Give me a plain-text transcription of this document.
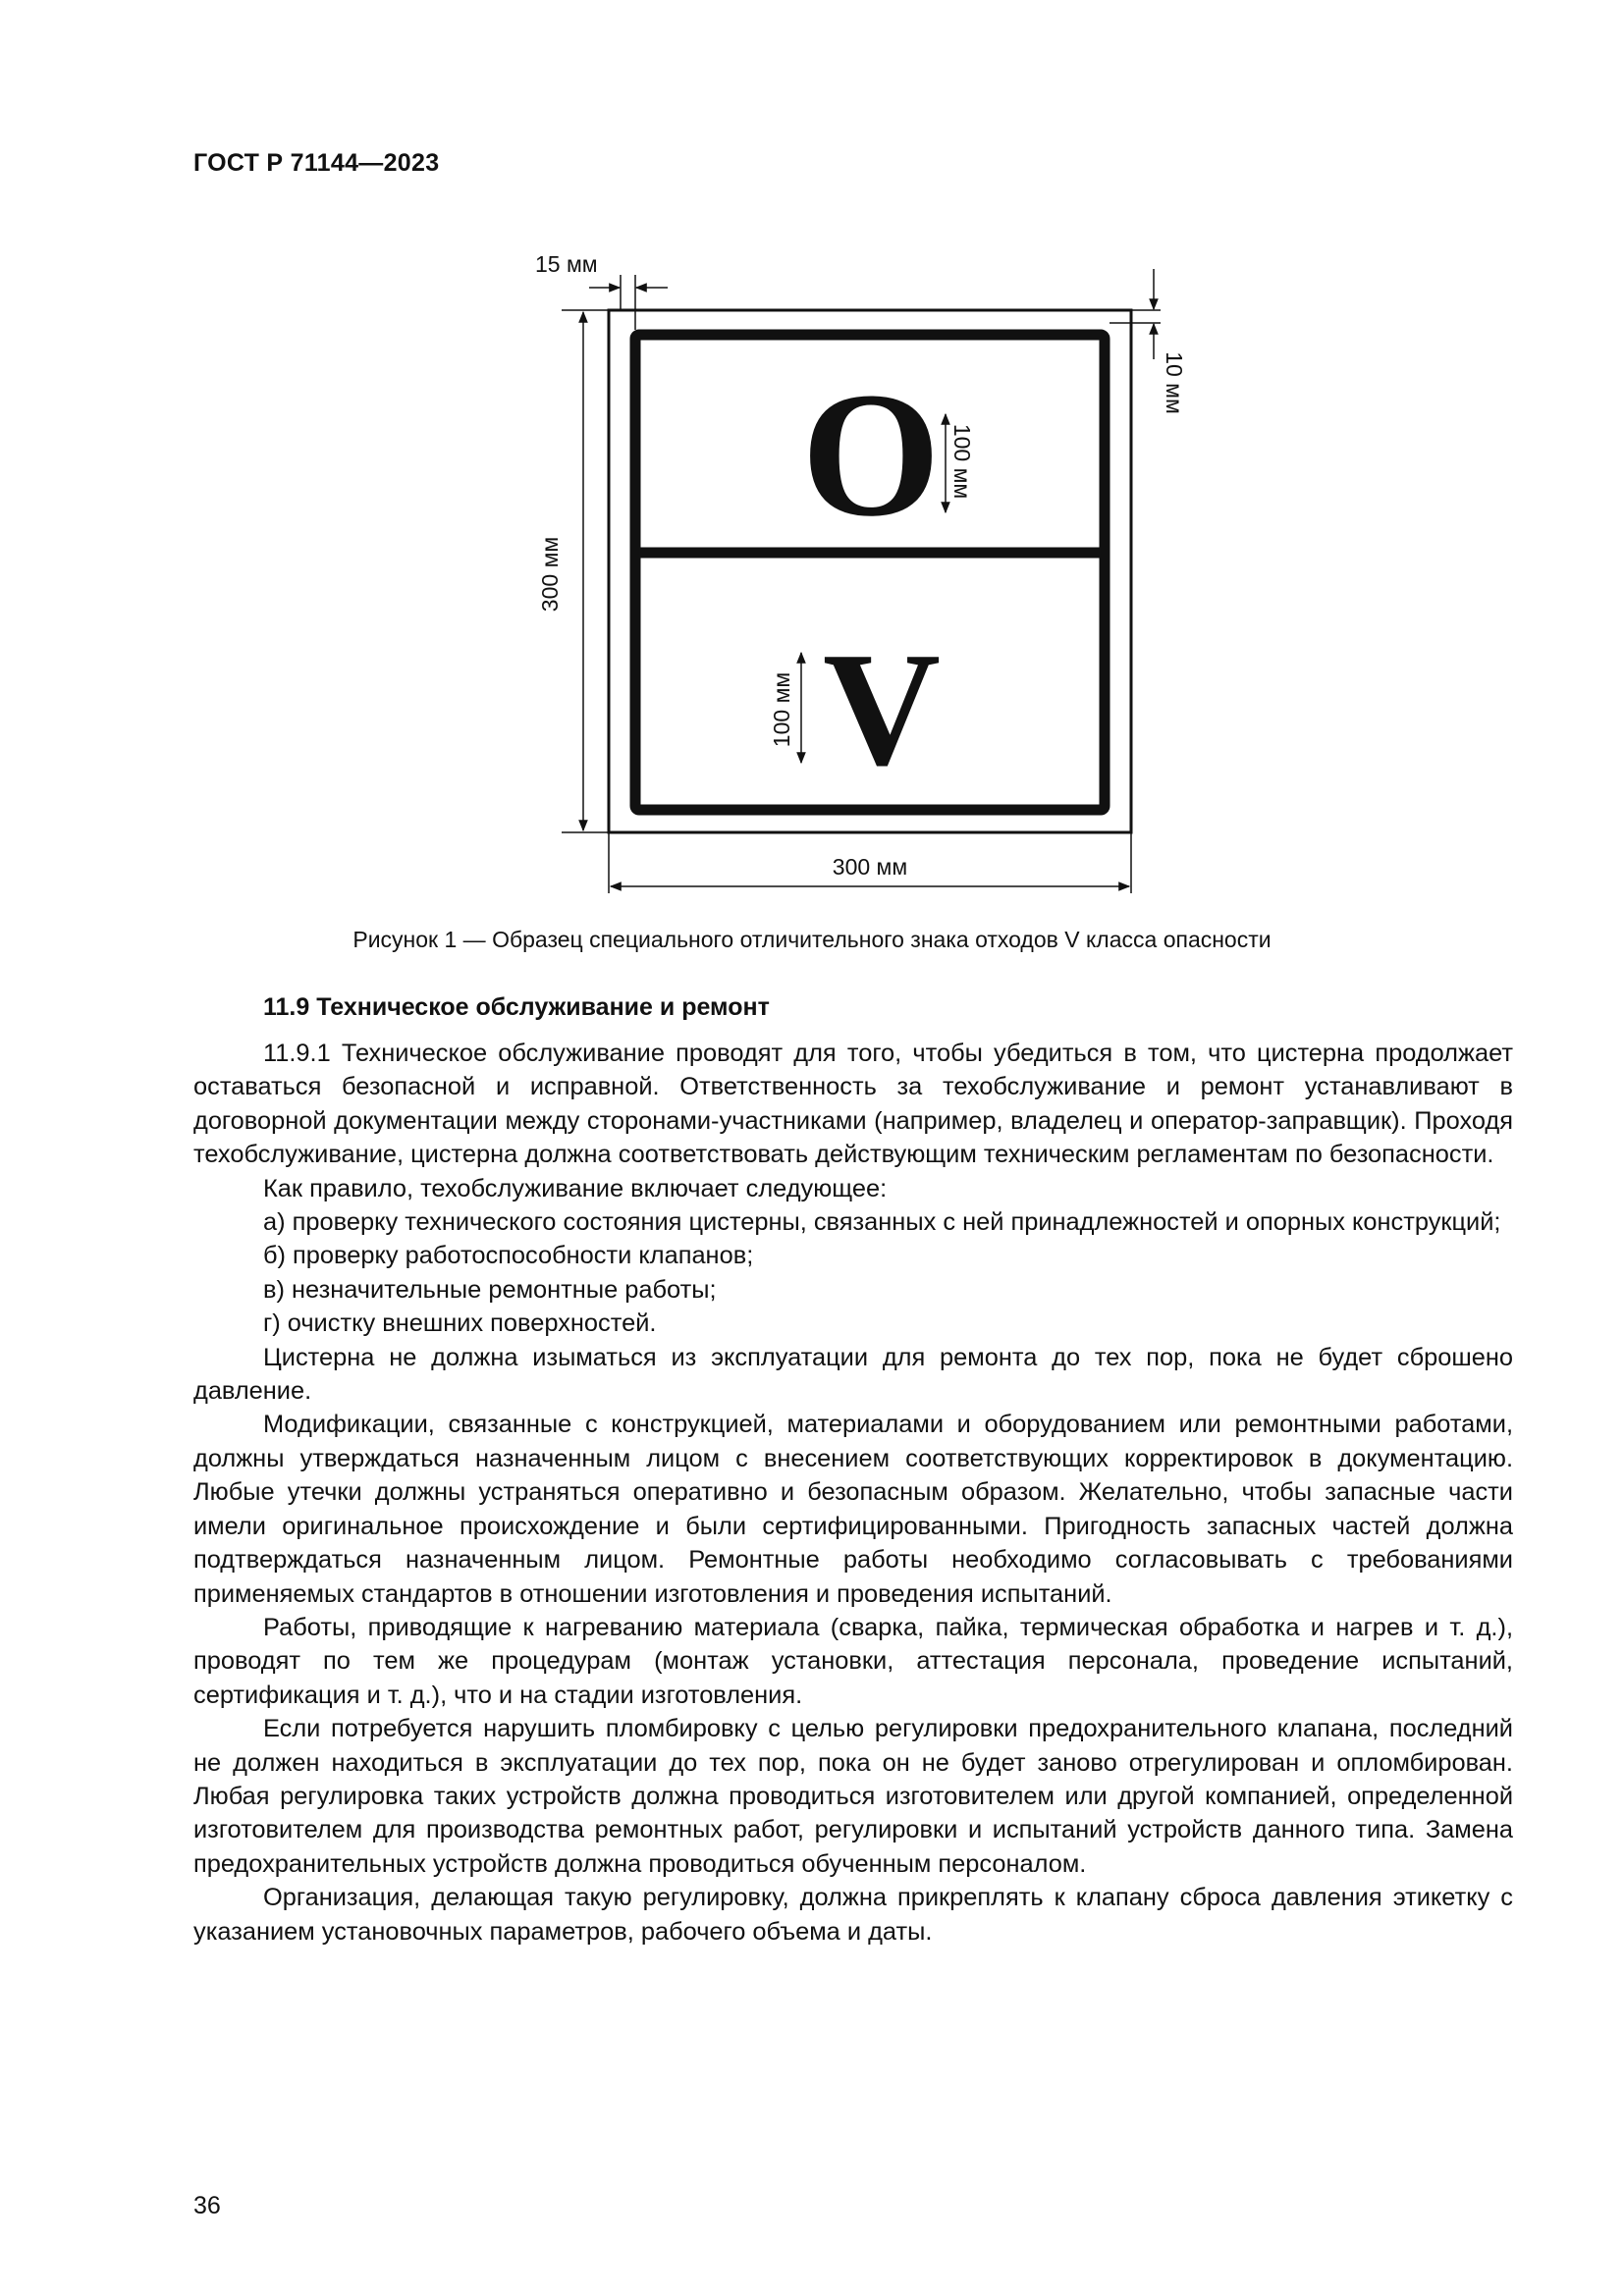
ГОСТ Р 71144—2023
O
V
100 мм
100 мм
15 мм
10 мм
300 мм
300 мм
Рисунок 1 — Образец специального отличительного знака отходов V класса опасности
11.9 Техническое обслуживание и ремонт

11.9.1 Техническое обслуживание проводят для того, чтобы убедиться в том, что цистерна продолжает оставаться безопасной и исправной. Ответственность за техобслуживание и ремонт устанавливают в договорной документации между сторонами-участниками (например, владелец и оператор-заправщик). Проходя техобслуживание, цистерна должна соответствовать действующим техническим регламентам по безопасности.

Как правило, техобслуживание включает следующее:

а) проверку технического состояния цистерны, связанных с ней принадлежностей и опорных конструкций;

б) проверку работоспособности клапанов;

в) незначительные ремонтные работы;

г) очистку внешних поверхностей.

Цистерна не должна изыматься из эксплуатации для ремонта до тех пор, пока не будет сброшено давление.

Модификации, связанные с конструкцией, материалами и оборудованием или ремонтными работами, должны утверждаться назначенным лицом с внесением соответствующих корректировок в документацию. Любые утечки должны устраняться оперативно и безопасным образом. Желательно, чтобы запасные части имели оригинальное происхождение и были сертифицированными. Пригодность запасных частей должна подтверждаться назначенным лицом. Ремонтные работы необходимо согласовывать с требованиями применяемых стандартов в отношении изготовления и проведения испытаний.

Работы, приводящие к нагреванию материала (сварка, пайка, термическая обработка и нагрев и т. д.), проводят по тем же процедурам (монтаж установки, аттестация персонала, проведение испытаний, сертификация и т. д.), что и на стадии изготовления.

Если потребуется нарушить пломбировку с целью регулировки предохранительного клапана, последний не должен находиться в эксплуатации до тех пор, пока он не будет заново отрегулирован и опломбирован. Любая регулировка таких устройств должна проводиться изготовителем или другой компанией, определенной изготовителем для производства ремонтных работ, регулировки и испытаний устройств данного типа. Замена предохранительных устройств должна проводиться обученным персоналом.

Организация, делающая такую регулировку, должна прикреплять к клапану сброса давления этикетку с указанием установочных параметров, рабочего объема и даты.

36
